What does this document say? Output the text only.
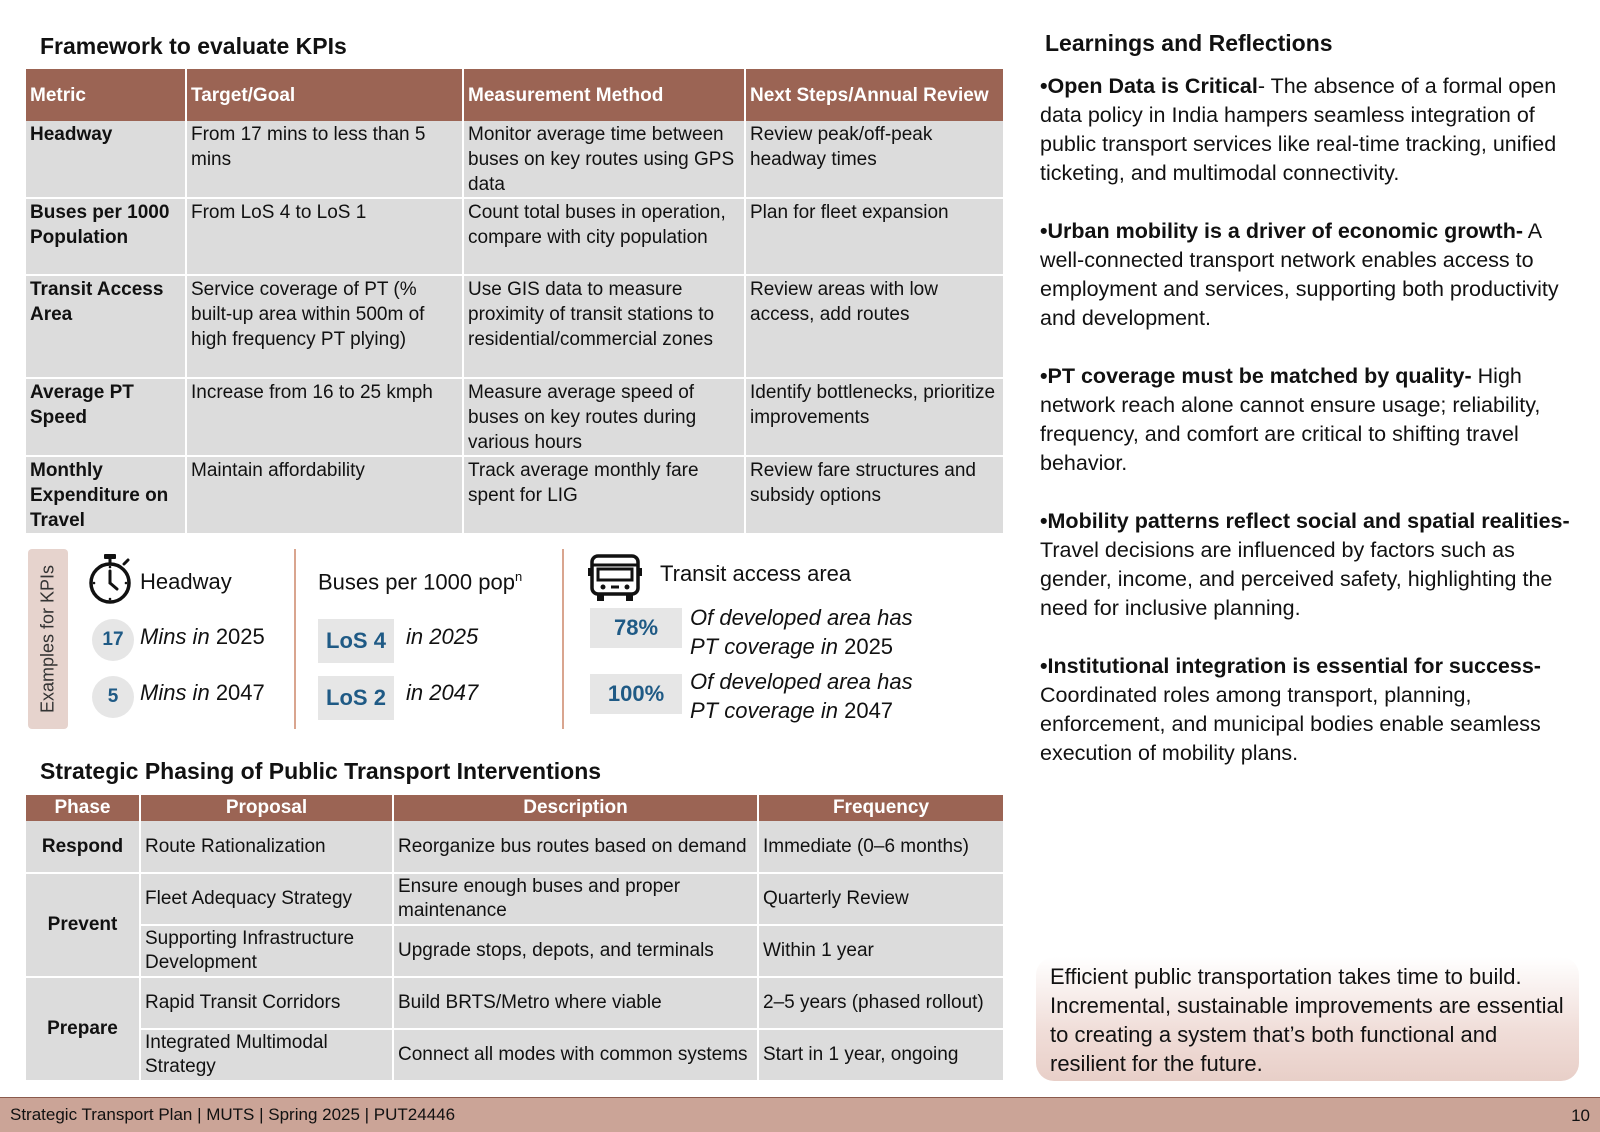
Framework to evaluate KPIs
Metric	Target/Goal	Measurement Method	Next Steps/Annual Review
Headway	From 17 mins to less than 5 mins	Monitor average time between buses on key routes using GPS data	Review peak/off-peak headway times
Buses per 1000 Population	From LoS 4 to LoS 1	Count total buses in operation, compare with city population	Plan for fleet expansion
Transit Access Area	Service coverage of PT (% built-up area within 500m of high frequency PT plying)	Use GIS data to measure proximity of transit stations to residential/commercial zones	Review areas with low access, add routes
Average PT Speed	Increase from 16 to 25 kmph	Measure average speed of buses on key routes during various hours	Identify bottlenecks, prioritize improvements
Monthly Expenditure on Travel	Maintain affordability	Track average monthly fare spent for LIG	Review fare structures and subsidy options
Examples for KPIs	Headway
17 Mins in 2025
5 Mins in 2047
Buses per 1000 pop$^n$
LoS 4 in 2025
LoS 2 in 2047
Transit access area
78%	Of developed area has
PT coverage in 2025
100%	Of developed area has
PT coverage in 2047
Strategic Phasing of Public Transport Interventions
Phase	Proposal	Description	Frequency
Respond	Route Rationalization	Reorganize bus routes based on demand	Immediate (0–6 months)
Prevent	Fleet Adequacy Strategy	Ensure enough buses and proper maintenance	Quarterly Review
	Supporting Infrastructure Development	Upgrade stops, depots, and terminals	Within 1 year
Prepare	Rapid Transit Corridors	Build BRTS/Metro where viable	2–5 years (phased rollout)
	Integrated Multimodal Strategy	Connect all modes with common systems	Start in 1 year, ongoing
Learnings and Reflections

•Open Data is Critical- The absence of a formal open data policy in India hampers seamless integration of public transport services like real-time tracking, unified ticketing, and multimodal connectivity.

•Urban mobility is a driver of economic growth- A well-connected transport network enables access to employment and services, supporting both productivity and development.

•PT coverage must be matched by quality- High network reach alone cannot ensure usage; reliability, frequency, and comfort are critical to shifting travel behavior.

•Mobility patterns reflect social and spatial realities- Travel decisions are influenced by factors such as gender, income, and perceived safety, highlighting the need for inclusive planning.

•Institutional integration is essential for success- Coordinated roles among transport, planning, enforcement, and municipal bodies enable seamless execution of mobility plans.

Efficient public transportation takes time to build. Incremental, sustainable improvements are essential to creating a system that’s both functional and resilient for the future.
Strategic Transport Plan | MUTS | Spring 2025 | PUT24446	10
